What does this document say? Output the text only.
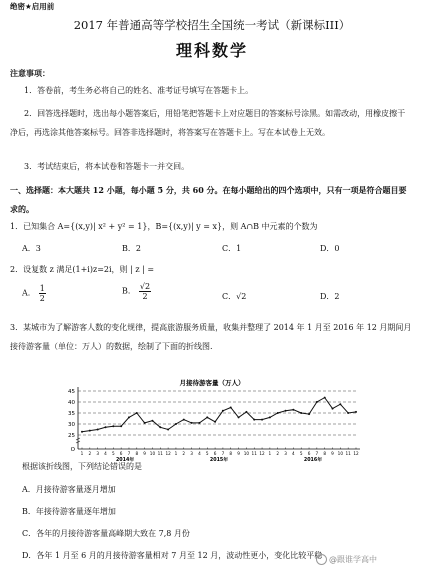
绝密★启用前
2017 年普通高等学校招生全国统一考试（新课标III）
理科数学
注意事项：
1．答卷前，考生务必将自己的姓名、准考证号填写在答题卡上。
2．回答选择题时，选出每小题答案后，用铅笔把答题卡上对应题目的答案标号涂黑。如需改动，用橡皮擦干净后，再选涂其他答案标号。回答非选择题时，将答案写在答题卡上。写在本试卷上无效。
3．考试结束后，将本试卷和答题卡一并交回。
一、选择题：本大题共 12 小题，每小题 5 分，共 60 分。在每小题给出的四个选项中，只有一项是符合题目要求的。
1．已知集合 A={(x,y)| x² + y² = 1}，B={(x,y)| y = x}，则 A∩B 中元素的个数为
A．3	B．2	C．1	D．0
2．设复数 z 满足(1+i)z=2i，则 | z | =
A． $\frac{1}{2}$	B． $\frac{√2}{2}$	C．√2	D．2
3．某城市为了解游客人数的变化规律，提高旅游服务质量，收集并整理了 2014 年 1 月至 2016 年 12 月期间月接待游客量（单位：万人）的数据，绘制了下面的折线图.
月接待游客量（万人）
O
25
30
35
40
45
1 2 3 4 5 6 7 8 9 10 11 12 1 2 3 4 5 6 7 8 9 10 11 12 1 2 3 4 5 6 7 8 9 10 11 12
2014年	2015年	2016年
根据该折线图，下列结论错误的是
A．月接待游客量逐月增加
B．年接待游客量逐年增加
C．各年的月接待游客量高峰期大致在 7,8 月份
D．各年 1 月至 6 月的月接待游客量相对 7 月至 12 月，波动性更小，变化比较平稳 @跟谁学高中
